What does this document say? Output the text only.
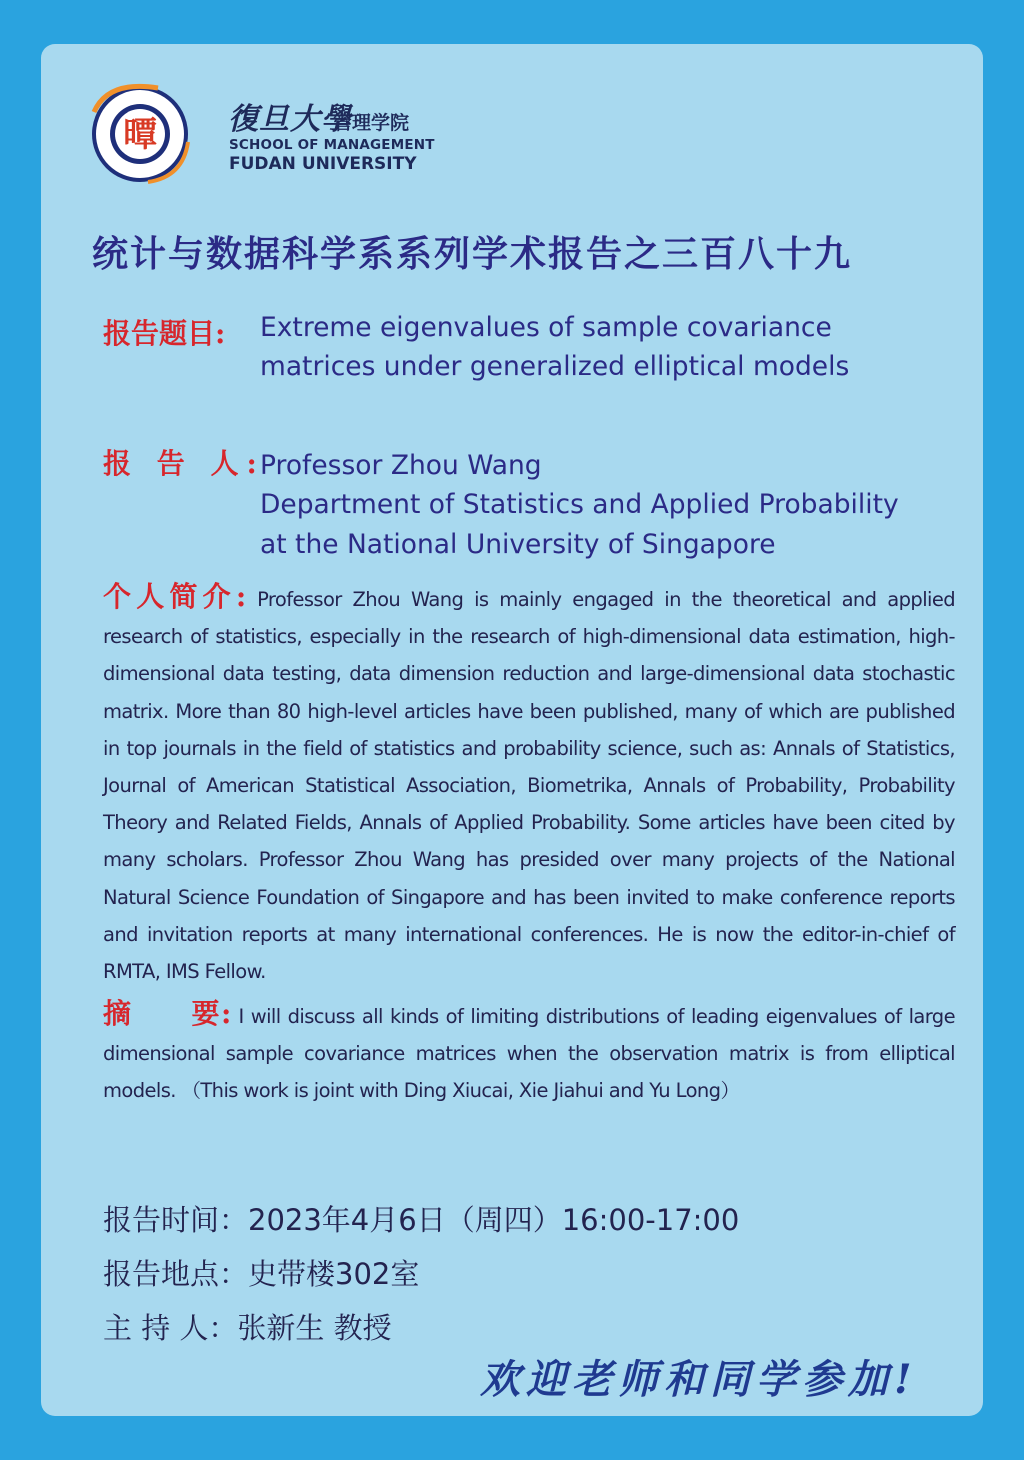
曋 復旦大學
管理学院
SCHOOL OF MANAGEMENT
FUDAN UNIVERSITY
统计与数据科学系系列学术报告之三百八十九
报告题目: Extreme eigenvalues of sample covariance
matrices under generalized elliptical models
报 告 人:
Professor Zhou Wang
Department of Statistics and Applied Probability
at the National University of Singapore
个人简介: Professor Zhou Wang is mainly engaged in the theoretical and applied research of statistics, especially in the research of high-dimensional data estimation, high-dimensional data testing, data dimension reduction and large-dimensional data stochastic matrix. More than 80 high-level articles have been published, many of which are published in top journals in the field of statistics and probability science, such as: Annals of Statistics, Journal of American Statistical Association, Biometrika, Annals of Probability, Probability Theory and Related Fields, Annals of Applied Probability. Some articles have been cited by many scholars. Professor Zhou Wang has presided over many projects of the National Natural Science Foundation of Singapore and has been invited to make conference reports and invitation reports at many international conferences. He is now the editor-in-chief of RMTA, IMS Fellow.
摘　　要: I will discuss all kinds of limiting distributions of leading eigenvalues of large dimensional sample covariance matrices when the observation matrix is from elliptical models. （This work is joint with Ding Xiucai, Xie Jiahui and Yu Long）
报告时间：2023年4月6日（周四）16:00-17:00
报告地点：史带楼302室
主 持 人：张新生 教授
欢迎老师和同学参加!
